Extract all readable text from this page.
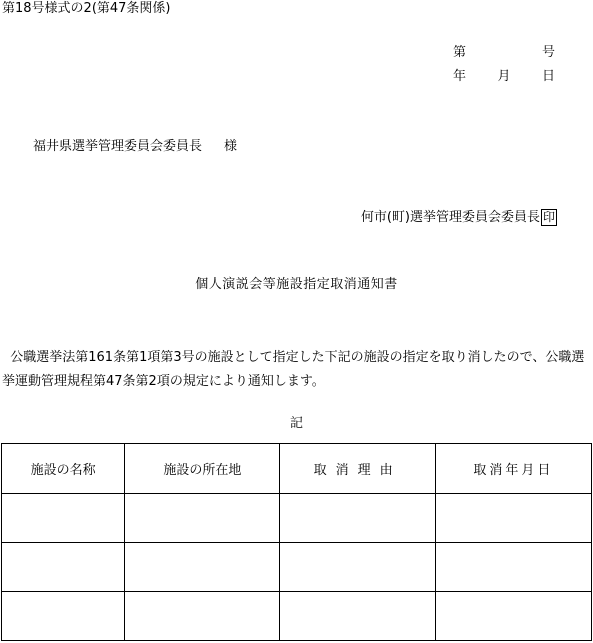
第18号様式の2(第47条関係)
第	号
年 月 日
福井県選挙管理委員会委員長 様
何市(町)選挙管理委員会委員長 印
個人演説会等施設指定取消通知書
公職選挙法第161条第1項第3号の施設として指定した下記の施設の指定を取り消したので、公職選挙運動管理規程第47条第2項の規定により通知します。
記
施設の名称	施設の所在地	取消理由	取消年月日
